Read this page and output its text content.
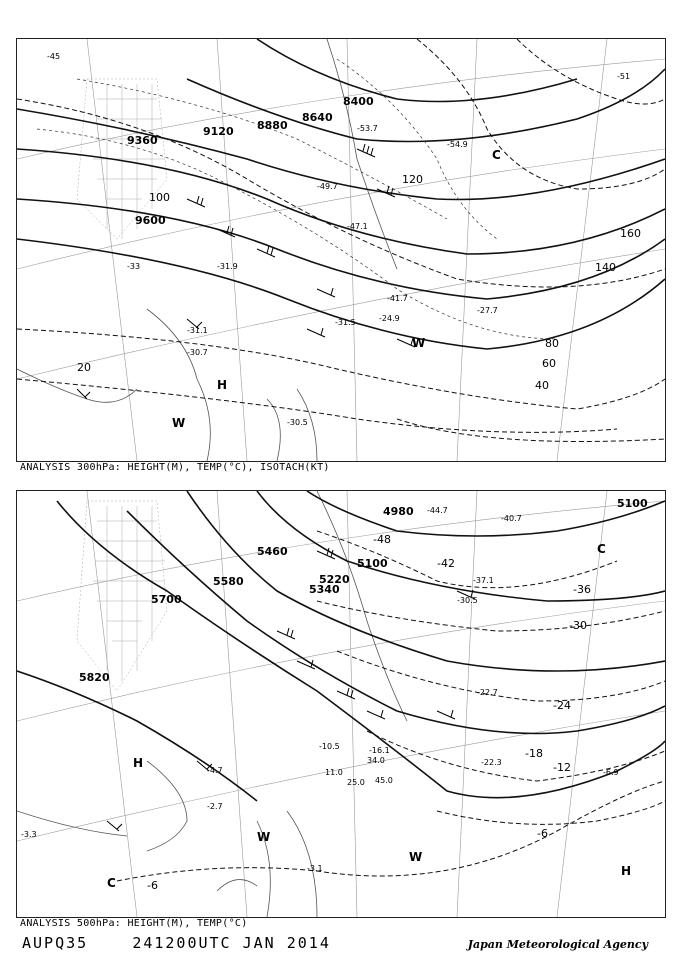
9360
9120 8880
8640
8400
9600
20
40
60
80
100
120
140
160
-45
-51
-53.7
-54.9
-49.7
-33
-31.1
-31.9
-30.7
-31.5	-24.9
-27.7
-47.1
-41.7
-30.5
H
W
W
C
ANALYSIS 300hPa: HEIGHT(M), TEMP(°C), ISOTACH(KT)
5700
5580
5460
5340
5220
5100
5820
4980
5100
-48
-42
-36
-30
-24
-18
-12
-6
-6
-44.7
-40.7
-37.1
-30.5
-22.7
-22.3
-16.1
-10.5
-4.7
-2.7
-3.3
-3.1
-6.9
11.0
25.0
34.0
45.0
H
H
W
W
C
C
ANALYSIS 500hPa: HEIGHT(M), TEMP(°C)
AUPQ35	241200UTC JAN 2014	Japan Meteorological Agency
